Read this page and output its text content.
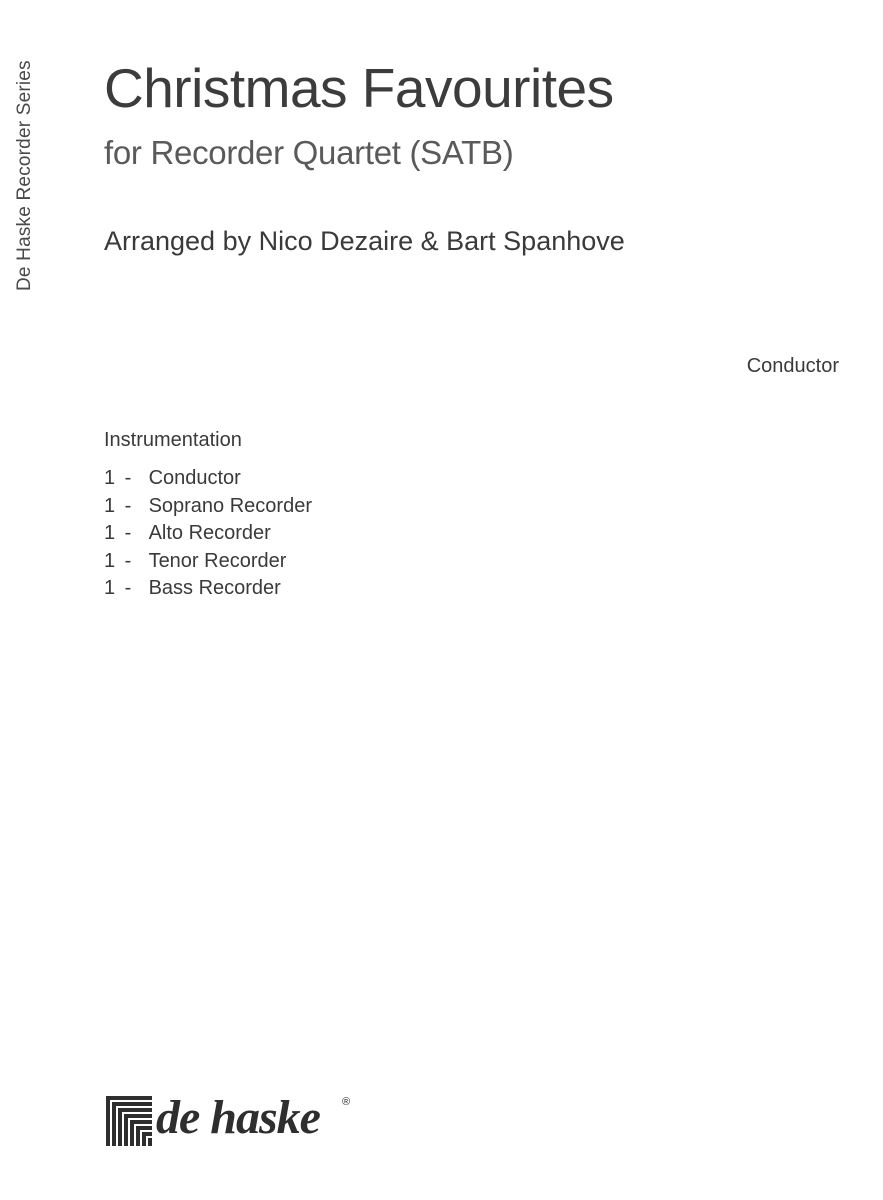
De Haske Recorder Series Christmas Favourites
for Recorder Quartet (SATB)
Arranged by Nico Dezaire & Bart Spanhove
Conductor
Instrumentation
1 - Conductor
1 - Soprano Recorder
1 - Alto Recorder
1 - Tenor Recorder
1 - Bass Recorder
de haske ®
